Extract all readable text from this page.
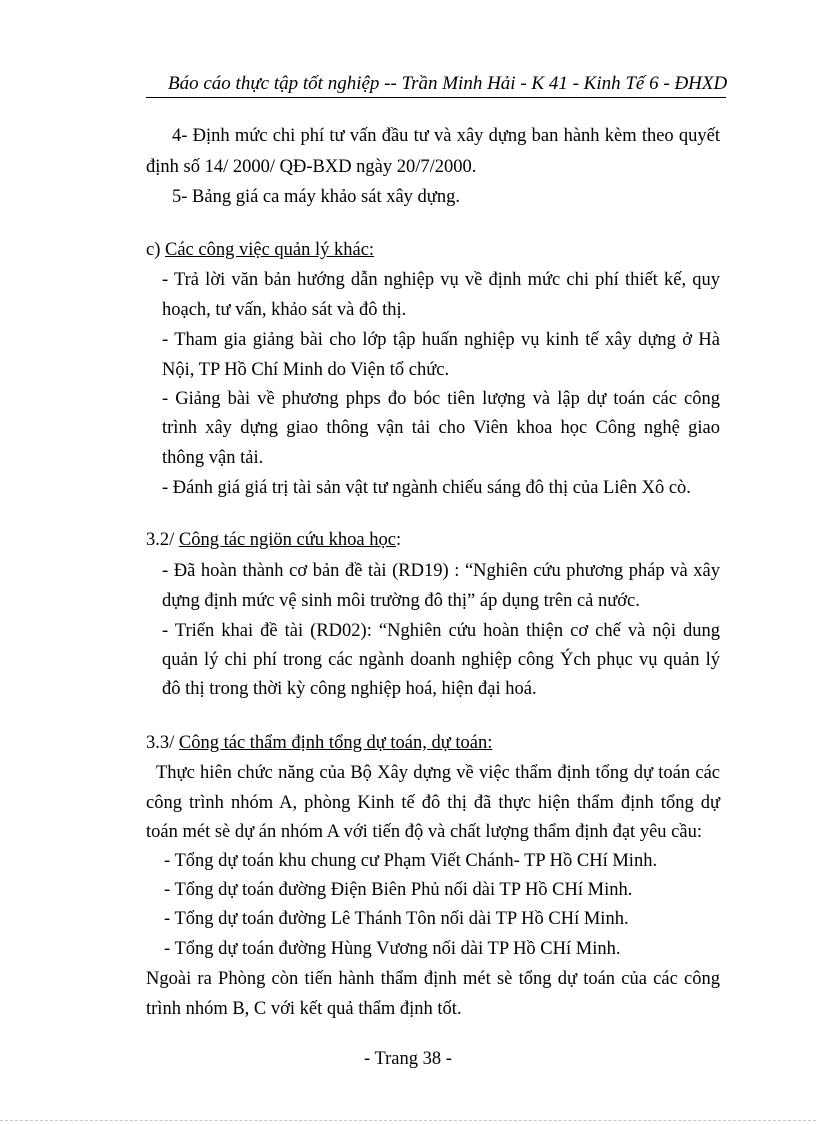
Báo cáo thực tập tốt nghiệp -- Trần Minh Hải - K 41 - Kinh Tế 6 - ĐHXD
4- Định mức chi phí tư vấn đầu tư và xây dựng ban hành kèm theo quyết
định số 14/ 2000/ QĐ-BXD ngày 20/7/2000.
5- Bảng giá ca máy khảo sát xây dựng.
c) Các công việc quản lý khác:
- Trả lời văn bản hướng dẫn nghiệp vụ về định mức chi phí thiết kế, quy
hoạch, tư vấn, khảo sát và đô thị.
- Tham gia giảng bài cho lớp tập huấn nghiệp vụ kinh tế xây dựng ở Hà
Nội, TP Hồ Chí Minh do Viện tổ chức.
- Giảng bài về phương phps đo bóc tiên lượng và lập dự toán các công
trình xây dựng giao thông vận tải cho Viên khoa học Công nghệ giao
thông vận tải.
- Đánh giá giá trị tài sản vật tư ngành chiếu sáng đô thị của Liên Xô cò.
3.2/ Công tác ngiön cứu khoa học:
- Đã hoàn thành cơ bản đề tài (RD19) : “Nghiên cứu phương pháp và xây
dựng định mức vệ sinh môi trường đô thị” áp dụng trên cả nước.
- Triển khai đề tài (RD02): “Nghiên cứu hoàn thiện cơ chế và nội dung
quản lý chi phí trong các ngành doanh nghiệp công Ých phục vụ quản lý
đô thị trong thời kỳ công nghiệp hoá, hiện đại hoá.
3.3/ Công tác thẩm định tổng dự toán, dự toán:
Thực hiên chức năng của Bộ Xây dựng về việc thẩm định tổng dự toán các
công trình nhóm A, phòng Kinh tế đô thị đã thực hiện thẩm định tổng dự
toán mét sè dự án nhóm A với tiến độ và chất lượng thẩm định đạt yêu cầu:
- Tổng dự toán khu chung cư Phạm Viết Chánh- TP Hồ CHí Minh.
- Tổng dự toán đường Điện Biên Phủ nối dài TP Hồ CHí Minh.
- Tổng dự toán đường Lê Thánh Tôn nối dài TP Hồ CHí Minh.
- Tổng dự toán đường Hùng Vương nối dài TP Hồ CHí Minh.
Ngoài ra Phòng còn tiến hành thẩm định mét sè tổng dự toán của các công
trình nhóm B, C với kết quả thẩm định tốt.
- Trang 38 -
